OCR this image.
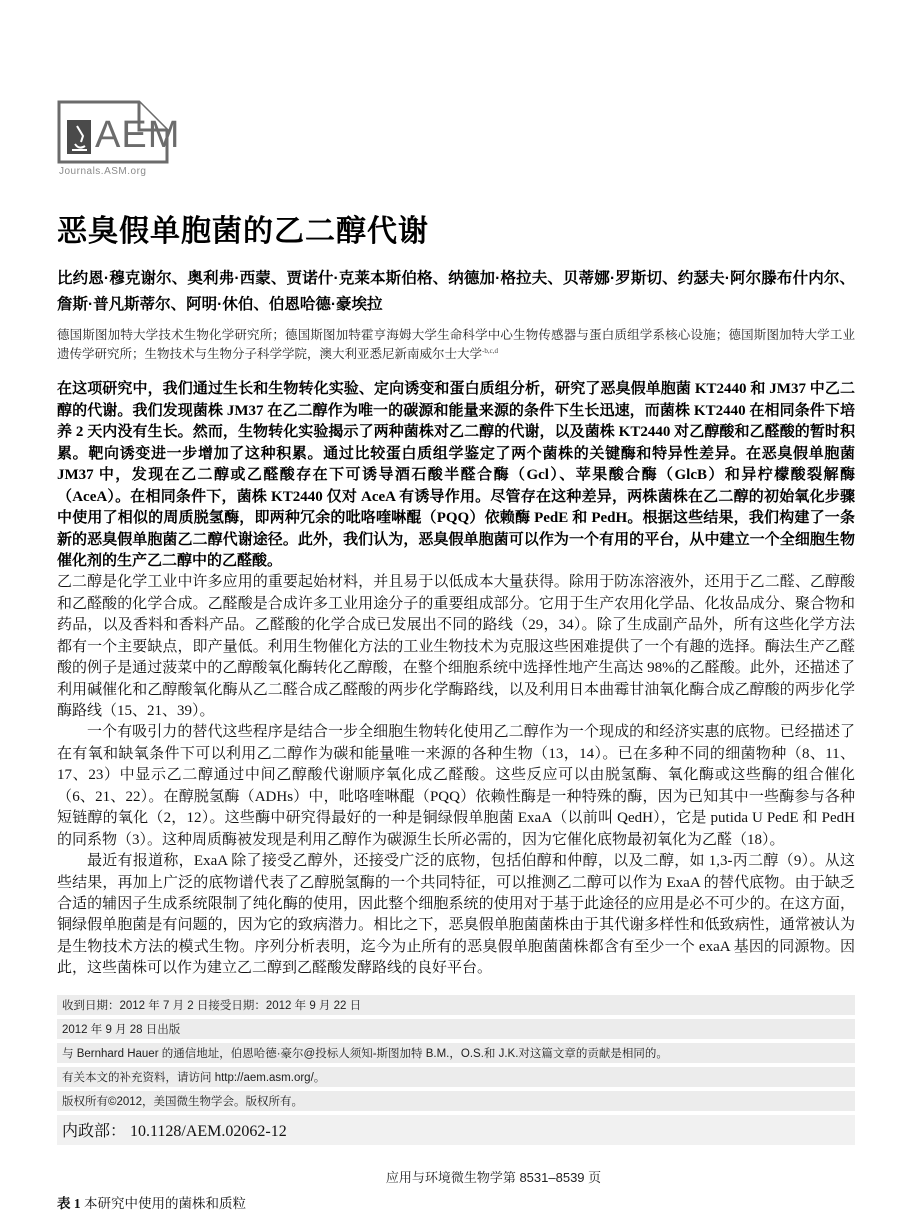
AEM
Journals.ASM.org
恶臭假单胞菌的乙二醇代谢
比约恩·穆克谢尔、奥利弗·西蒙、贾诺什·克莱本斯伯格、纳德加·格拉夫、贝蒂娜·罗斯切、约瑟夫·阿尔滕布什内尔、詹斯·普凡斯蒂尔、阿明·休伯、伯恩哈德·豪埃拉
德国斯图加特大学技术生物化学研究所；德国斯图加特霍亨海姆大学生命科学中心生物传感器与蛋白质组学系核心设施；德国斯图加特大学工业遗传学研究所；生物技术与生物分子科学学院，澳大利亚悉尼新南威尔士大学$^{-b,c,d}$
在这项研究中，我们通过生长和生物转化实验、定向诱变和蛋白质组分析，研究了恶臭假单胞菌 KT2440 和 JM37 中乙二醇的代谢。我们发现菌株 JM37 在乙二醇作为唯一的碳源和能量来源的条件下生长迅速，而菌株 KT2440 在相同条件下培养 2 天内没有生长。然而，生物转化实验揭示了两种菌株对乙二醇的代谢，以及菌株 KT2440 对乙醇酸和乙醛酸的暂时积累。靶向诱变进一步增加了这种积累。通过比较蛋白质组学鉴定了两个菌株的关键酶和特异性差异。在恶臭假单胞菌 JM37 中，发现在乙二醇或乙醛酸存在下可诱导酒石酸半醛合酶（Gcl）、苹果酸合酶（GlcB）和异柠檬酸裂解酶（AceA）。在相同条件下，菌株 KT2440 仅对 AceA 有诱导作用。尽管存在这种差异，两株菌株在乙二醇的初始氧化步骤中使用了相似的周质脱氢酶，即两种冗余的吡咯喹啉醌（PQQ）依赖酶 PedE 和 PedH。根据这些结果，我们构建了一条新的恶臭假单胞菌乙二醇代谢途径。此外，我们认为，恶臭假单胞菌可以作为一个有用的平台，从中建立一个全细胞生物催化剂的生产乙二醇中的乙醛酸。

乙二醇是化学工业中许多应用的重要起始材料，并且易于以低成本大量获得。除用于防冻溶液外，还用于乙二醛、乙醇酸和乙醛酸的化学合成。乙醛酸是合成许多工业用途分子的重要组成部分。它用于生产农用化学品、化妆品成分、聚合物和药品，以及香料和香料产品。乙醛酸的化学合成已发展出不同的路线（29，34）。除了生成副产品外，所有这些化学方法都有一个主要缺点，即产量低。利用生物催化方法的工业生物技术为克服这些困难提供了一个有趣的选择。酶法生产乙醛酸的例子是通过菠菜中的乙醇酸氧化酶转化乙醇酸，在整个细胞系统中选择性地产生高达 98%的乙醛酸。此外，还描述了利用碱催化和乙醇酸氧化酶从乙二醛合成乙醛酸的两步化学酶路线，以及利用日本曲霉甘油氧化酶合成乙醇酸的两步化学酶路线（15、21、39）。

一个有吸引力的替代这些程序是结合一步全细胞生物转化使用乙二醇作为一个现成的和经济实惠的底物。已经描述了在有氧和缺氧条件下可以利用乙二醇作为碳和能量唯一来源的各种生物（13，14）。已在多种不同的细菌物种（8、11、17、23）中显示乙二醇通过中间乙醇酸代谢顺序氧化成乙醛酸。这些反应可以由脱氢酶、氧化酶或这些酶的组合催化（6、21、22）。在醇脱氢酶（ADHs）中，吡咯喹啉醌（PQQ）依赖性酶是一种特殊的酶，因为已知其中一些酶参与各种短链醇的氧化（2，12）。这些酶中研究得最好的一种是铜绿假单胞菌 ExaA（以前叫 QedH），它是 putida U PedE 和 PedH 的同系物（3）。这种周质酶被发现是利用乙醇作为碳源生长所必需的，因为它催化底物最初氧化为乙醛（18）。

最近有报道称，ExaA 除了接受乙醇外，还接受广泛的底物，包括伯醇和仲醇，以及二醇，如 1,3-丙二醇（9）。从这些结果，再加上广泛的底物谱代表了乙醇脱氢酶的一个共同特征，可以推测乙二醇可以作为 ExaA 的替代底物。由于缺乏合适的辅因子生成系统限制了纯化酶的使用，因此整个细胞系统的使用对于基于此途径的应用是必不可少的。在这方面，铜绿假单胞菌是有问题的，因为它的致病潜力。相比之下，恶臭假单胞菌菌株由于其代谢多样性和低致病性，通常被认为是生物技术方法的模式生物。序列分析表明，迄今为止所有的恶臭假单胞菌菌株都含有至少一个 exaA 基因的同源物。因此，这些菌株可以作为建立乙二醇到乙醛酸发酵路线的良好平台。

收到日期：2012 年 7 月 2 日接受日期：2012 年 9 月 22 日
2012 年 9 月 28 日出版
与 Bernhard Hauer 的通信地址，伯恩哈德·豪尔@投标人须知-斯图加特 B.M.，O.S.和 J.K.对这篇文章的贡献是相同的。
有关本文的补充资料，请访问 http://aem.asm.org/。
版权所有©2012，美国微生物学会。版权所有。
内政部： 10.1128/AEM.02062-12
应用与环境微生物学第 8531–8539 页
表 1 本研究中使用的菌株和质粒
